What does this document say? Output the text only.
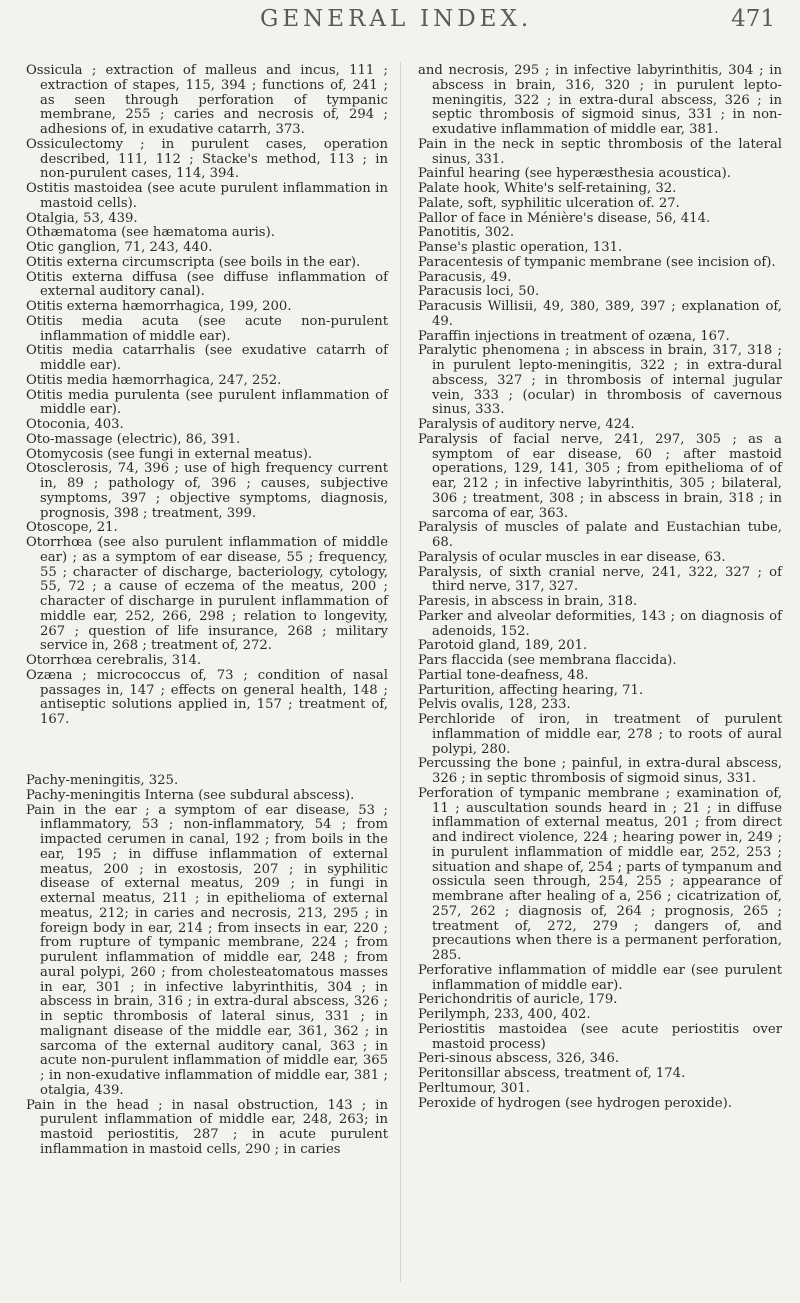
GENERAL INDEX.	471

Ossicula ; extraction of malleus and incus, 111 ; extraction of stapes, 115, 394 ; functions of, 241 ; as seen through perforation of tympanic membrane, 255 ; caries and necrosis of, 294 ; adhesions of, in exudative catarrh, 373.

Ossiculectomy ; in purulent cases, operation described, 111, 112 ; Stacke's method, 113 ; in non-purulent cases, 114, 394.

Ostitis mastoidea (see acute purulent inflammation in mastoid cells).

Otalgia, 53, 439.

Othæmatoma (see hæmatoma auris).

Otic ganglion, 71, 243, 440.

Otitis externa circumscripta (see boils in the ear).

Otitis externa diffusa (see diffuse inflammation of external auditory canal).

Otitis externa hæmorrhagica, 199, 200.

Otitis media acuta (see acute non-purulent inflammation of middle ear).

Otitis media catarrhalis (see exudative catarrh of middle ear).

Otitis media hæmorrhagica, 247, 252.

Otitis media purulenta (see purulent inflammation of middle ear).

Otoconia, 403.

Oto-massage (electric), 86, 391.

Otomycosis (see fungi in external meatus).

Otosclerosis, 74, 396 ; use of high frequency current in, 89 ; pathology of, 396 ; causes, subjective symptoms, 397 ; objective symptoms, diagnosis, prognosis, 398 ; treatment, 399.

Otoscope, 21.

Otorrhœa (see also purulent inflammation of middle ear) ; as a symptom of ear disease, 55 ; frequency, 55 ; character of discharge, bacteriology, cytology, 55, 72 ; a cause of eczema of the meatus, 200 ; character of discharge in purulent inflammation of middle ear, 252, 266, 298 ; relation to longevity, 267 ; question of life insurance, 268 ; military service in, 268 ; treatment of, 272.

Otorrhœa cerebralis, 314.

Ozæna ; micrococcus of, 73 ; condition of nasal passages in, 147 ; effects on general health, 148 ; antiseptic solutions applied in, 157 ; treatment of, 167.

Pachy-meningitis, 325.

Pachy-meningitis Interna (see subdural abscess).

Pain in the ear ; a symptom of ear disease, 53 ; inflammatory, 53 ; non-inflammatory, 54 ; from impacted cerumen in canal, 192 ; from boils in the ear, 195 ; in diffuse inflammation of external meatus, 200 ; in exostosis, 207 ; in syphilitic disease of external meatus, 209 ; in fungi in external meatus, 211 ; in epithelioma of external meatus, 212; in caries and necrosis, 213, 295 ; in foreign body in ear, 214 ; from insects in ear, 220 ; from rupture of tympanic membrane, 224 ; from purulent inflammation of middle ear, 248 ; from aural polypi, 260 ; from cholesteatomatous masses in ear, 301 ; in infective labyrinthitis, 304 ; in abscess in brain, 316 ; in extra-dural abscess, 326 ; in septic thrombosis of lateral sinus, 331 ; in malignant disease of the middle ear, 361, 362 ; in sarcoma of the external auditory canal, 363 ; in acute non-purulent inflammation of middle ear, 365 ; in non-exudative inflammation of middle ear, 381 ; otalgia, 439.

Pain in the head ; in nasal obstruction, 143 ; in purulent inflammation of middle ear, 248, 263; in mastoid periostitis, 287 ; in acute purulent inflammation in mastoid cells, 290 ; in caries

and necrosis, 295 ; in infective labyrinthitis, 304 ; in abscess in brain, 316, 320 ; in purulent lepto-meningitis, 322 ; in extra-dural abscess, 326 ; in septic thrombosis of sigmoid sinus, 331 ; in non-exudative inflammation of middle ear, 381.

Pain in the neck in septic thrombosis of the lateral sinus, 331.

Painful hearing (see hyperæsthesia acoustica).

Palate hook, White's self-retaining, 32.

Palate, soft, syphilitic ulceration of. 27.

Pallor of face in Ménière's disease, 56, 414.

Panotitis, 302.

Panse's plastic operation, 131.

Paracentesis of tympanic membrane (see incision of).

Paracusis, 49.

Paracusis loci, 50.

Paracusis Willisii, 49, 380, 389, 397 ; explanation of, 49.

Paraffin injections in treatment of ozæna, 167.

Paralytic phenomena ; in abscess in brain, 317, 318 ; in purulent lepto-meningitis, 322 ; in extra-dural abscess, 327 ; in thrombosis of internal jugular vein, 333 ; (ocular) in thrombosis of cavernous sinus, 333.

Paralysis of auditory nerve, 424.

Paralysis of facial nerve, 241, 297, 305 ; as a symptom of ear disease, 60 ; after mastoid operations, 129, 141, 305 ; from epithelioma of of ear, 212 ; in infective labyrinthitis, 305 ; bilateral, 306 ; treatment, 308 ; in abscess in brain, 318 ; in sarcoma of ear, 363.

Paralysis of muscles of palate and Eustachian tube, 68.

Paralysis of ocular muscles in ear disease, 63.

Paralysis, of sixth cranial nerve, 241, 322, 327 ; of third nerve, 317, 327.

Paresis, in abscess in brain, 318.

Parker and alveolar deformities, 143 ; on diagnosis of adenoids, 152.

Parotoid gland, 189, 201.

Pars flaccida (see membrana flaccida).

Partial tone-deafness, 48.

Parturition, affecting hearing, 71.

Pelvis ovalis, 128, 233.

Perchloride of iron, in treatment of purulent inflammation of middle ear, 278 ; to roots of aural polypi, 280.

Percussing the bone ; painful, in extra-dural abscess, 326 ; in septic thrombosis of sigmoid sinus, 331.

Perforation of tympanic membrane ; examination of, 11 ; auscultation sounds heard in ; 21 ; in diffuse inflammation of external meatus, 201 ; from direct and indirect violence, 224 ; hearing power in, 249 ; in purulent inflammation of middle ear, 252, 253 ; situation and shape of, 254 ; parts of tympanum and ossicula seen through, 254, 255 ; appearance of membrane after healing of a, 256 ; cicatrization of, 257, 262 ; diagnosis of, 264 ; prognosis, 265 ; treatment of, 272, 279 ; dangers of, and precautions when there is a permanent perforation, 285.

Perforative inflammation of middle ear (see purulent inflammation of middle ear).

Perichondritis of auricle, 179.

Perilymph, 233, 400, 402.

Periostitis mastoidea (see acute periostitis over mastoid process)

Peri-sinous abscess, 326, 346.

Peritonsillar abscess, treatment of, 174.

Perltumour, 301.

Peroxide of hydrogen (see hydrogen peroxide).
